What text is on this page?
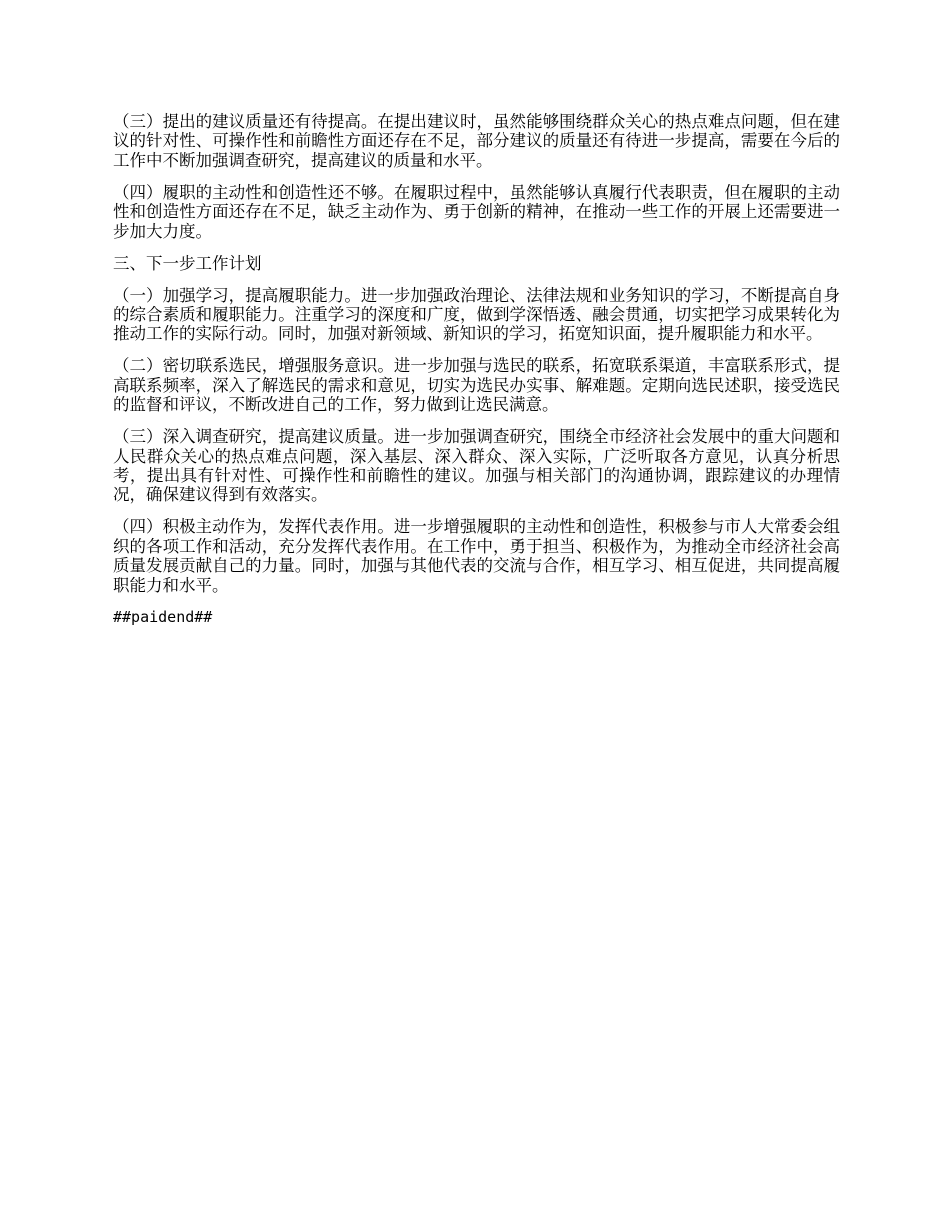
（三）提出的建议质量还有待提高。在提出建议时，虽然能够围绕群众关心的热点难点问题，但在建议的针对性、可操作性和前瞻性方面还存在不足，部分建议的质量还有待进一步提高，需要在今后的工作中不断加强调查研究，提高建议的质量和水平。

（四）履职的主动性和创造性还不够。在履职过程中，虽然能够认真履行代表职责，但在履职的主动性和创造性方面还存在不足，缺乏主动作为、勇于创新的精神，在推动一些工作的开展上还需要进一步加大力度。

三、下一步工作计划

（一）加强学习，提高履职能力。进一步加强政治理论、法律法规和业务知识的学习，不断提高自身的综合素质和履职能力。注重学习的深度和广度，做到学深悟透、融会贯通，切实把学习成果转化为推动工作的实际行动。同时，加强对新领域、新知识的学习，拓宽知识面，提升履职能力和水平。

（二）密切联系选民，增强服务意识。进一步加强与选民的联系，拓宽联系渠道，丰富联系形式，提高联系频率，深入了解选民的需求和意见，切实为选民办实事、解难题。定期向选民述职，接受选民的监督和评议，不断改进自己的工作，努力做到让选民满意。

（三）深入调查研究，提高建议质量。进一步加强调查研究，围绕全市经济社会发展中的重大问题和人民群众关心的热点难点问题，深入基层、深入群众、深入实际，广泛听取各方意见，认真分析思考，提出具有针对性、可操作性和前瞻性的建议。加强与相关部门的沟通协调，跟踪建议的办理情况，确保建议得到有效落实。

（四）积极主动作为，发挥代表作用。进一步增强履职的主动性和创造性，积极参与市人大常委会组织的各项工作和活动，充分发挥代表作用。在工作中，勇于担当、积极作为，为推动全市经济社会高质量发展贡献自己的力量。同时，加强与其他代表的交流与合作，相互学习、相互促进，共同提高履职能力和水平。

##paidend##
